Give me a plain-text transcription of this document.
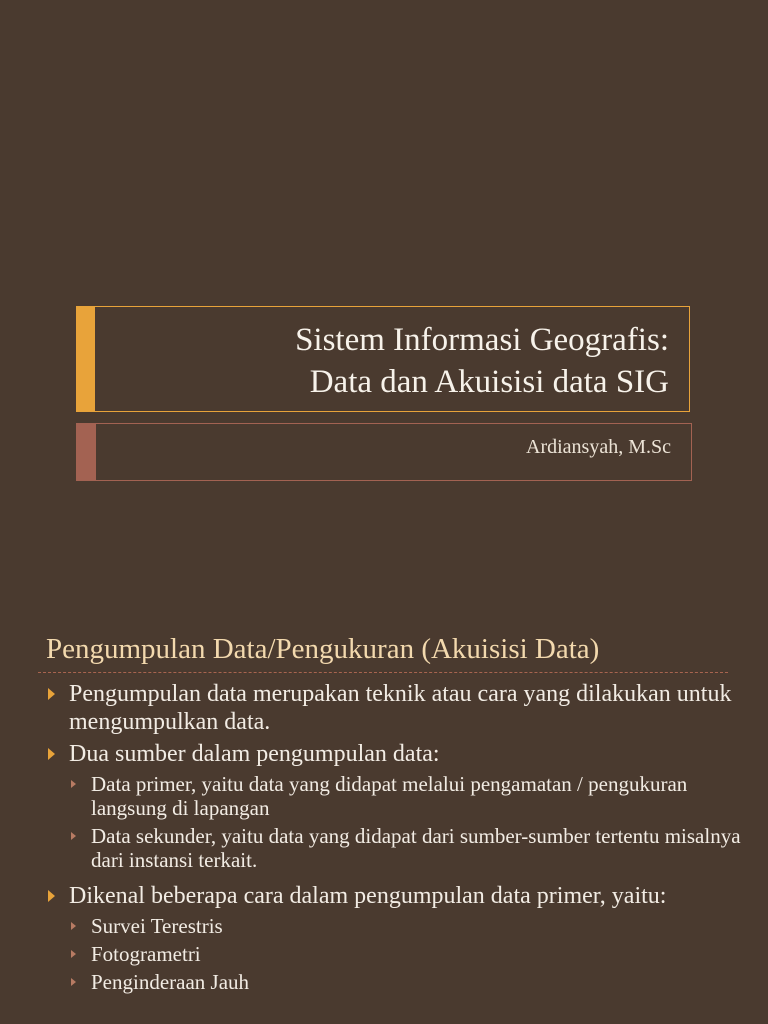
Sistem Informasi Geografis:
Data dan Akuisisi data SIG
Ardiansyah, M.Sc
Pengumpulan Data/Pengukuran (Akuisisi Data)
Pengumpulan data merupakan teknik atau cara yang dilakukan untuk mengumpulkan data.
Dua sumber dalam pengumpulan data:
Data primer, yaitu data yang didapat melalui pengamatan / pengukuran langsung di lapangan
Data sekunder, yaitu data yang didapat dari sumber-sumber tertentu misalnya dari instansi terkait.
Dikenal beberapa cara dalam pengumpulan data primer, yaitu:
Survei Terestris
Fotogrametri
Penginderaan Jauh
